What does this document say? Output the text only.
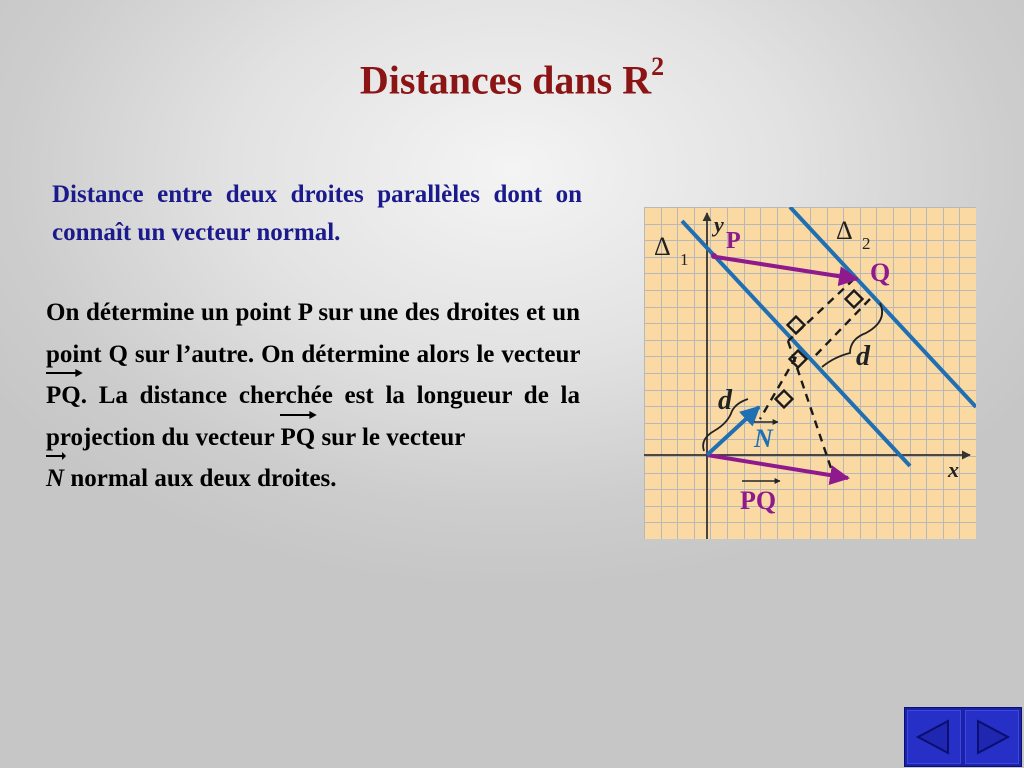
Distances dans $R^2$
Distance entre deux droites parallèles dont on connaît un vecteur normal.
On détermine un point P sur une des droites et un point Q sur l’autre. On détermine alors le vecteur
PQ. La distance cherchée est la longueur de la projection du vecteur
PQ sur le vecteur

N normal aux deux droites.
y
x
Δ 1
Δ 2
P
Q
d
d
N
PQ
